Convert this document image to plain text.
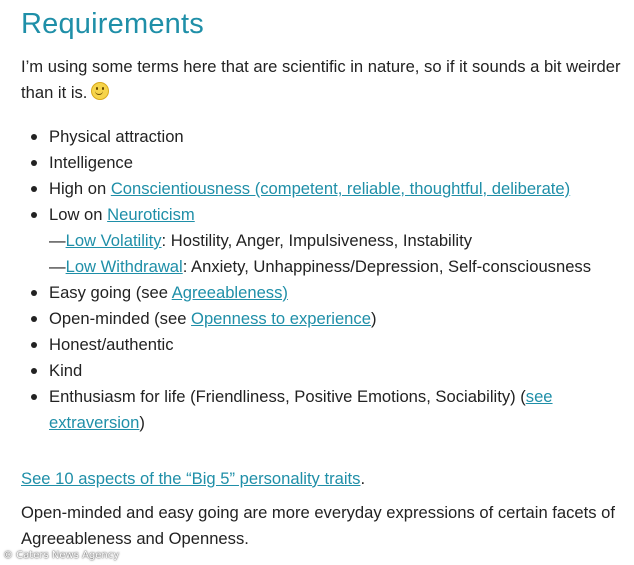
Requirements

I’m using some terms here that are scientific in nature, so if it sounds a bit weirder than it is.

Physical attraction
Intelligence
High on Conscientiousness (competent, reliable, thoughtful, deliberate)
Low on Neuroticism
—Low Volatility: Hostility, Anger, Impulsiveness, Instability
—Low Withdrawal: Anxiety, Unhappiness/Depression, Self-consciousness
Easy going (see Agreeableness)
Open-minded (see Openness to experience)
Honest/authentic
Kind
Enthusiasm for life (Friendliness, Positive Emotions, Sociability) (see extraversion)

See 10 aspects of the “Big 5” personality traits.

Open-minded and easy going are more everyday expressions of certain facets of Agreeableness and Openness.

© Caters News Agency
